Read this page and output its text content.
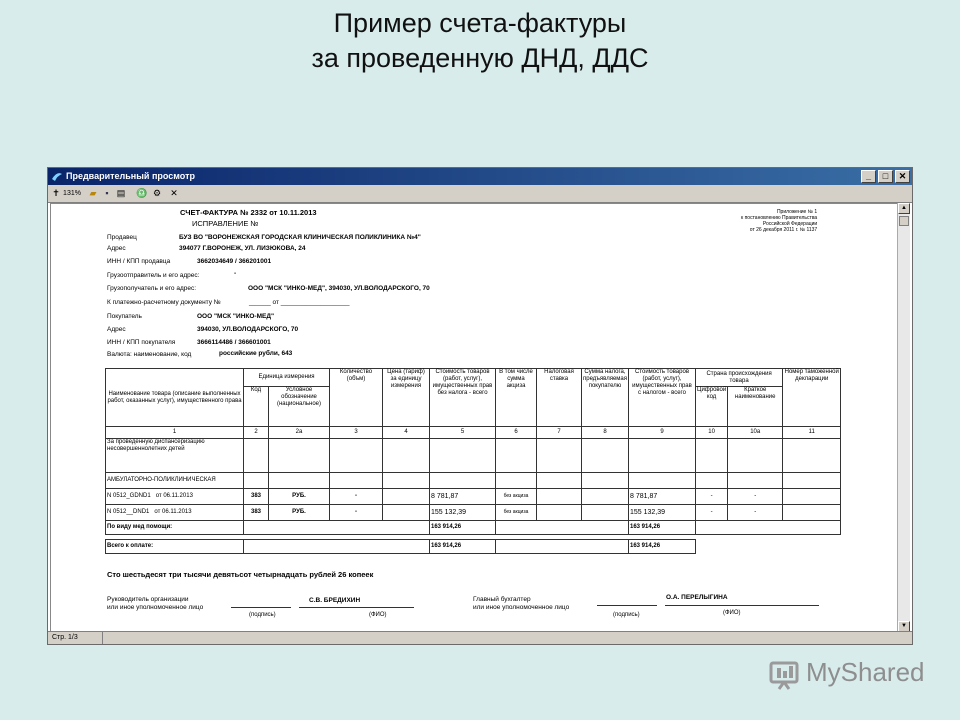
Пример счета-фактуры
за проведенную ДНД, ДДС
Предварительный просмотр	_	□	✕
✝ 131% ▰ ▪ ▤ ♎ ⚙ ✕
СЧЕТ-ФАКТУРА № 2332 от 10.11.2013
ИСПРАВЛЕНИЕ №
Приложение № 1
к постановлению Правительства
Российской Федерации
от 26 декабря 2011 г. № 1137
Продавец	БУЗ ВО "ВОРОНЕЖСКАЯ ГОРОДСКАЯ КЛИНИЧЕСКАЯ ПОЛИКЛИНИКА №4"
Адрес	394077 Г.ВОРОНЕЖ, УЛ. ЛИЗЮКОВА, 24
ИНН / КПП продавца	3662034649 / 366201001
Грузоотправитель и его адрес:	-
Грузополучатель и его адрес:	ООО "МСК "ИНКО-МЕД", 394030, УЛ.ВОЛОДАРСКОГО, 70
К платежно-расчетному документу №	______ от ___________________
Покупатель	ООО "МСК "ИНКО-МЕД"
Адрес	394030, УЛ.ВОЛОДАРСКОГО, 70
ИНН / КПП покупателя	3666114486 / 366601001
Валюта: наименование, код	российские рубли, 643
Наименование товара (описание выполненных работ, оказанных услуг), имущественного права	Единица измерения		Количество (объм)	Цена (тариф) за единицу измерения	Стоимость товаров (работ, услуг), имущественных прав без налога - всего	В том числе сумма акциза	Налоговая ставка	Сумма налога, предъявляемая покупателю	Стоимость товаров (работ, услуг), имущественных прав с налогом - всего	Страна происхождения товара		Номер таможенной декларации
	Код	Условное обозначение (национальное)								Цифровой код	Краткое наименование	
1	2	2а	3	4	5	6	7	8	9	10	10а	11
За проведенную диспансеризацию несовершеннолетних детей												
АМБУЛАТОРНО-ПОЛИКЛИНИЧЕСКАЯ												
N 0512_GDND1 от 06.11.2013	383	РУБ.	-		8 781,87	без акциза			8 781,87	-	-	
N 0512__DND1 от 06.11.2013	383	РУБ.	-		155 132,39	без акциза			155 132,39	-	-	
По виду мед помощи:					163 914,26				163 914,26			

Всего к оплате:					163 914,26				163 914,26			
Сто шестьдесят три тысячи девятьсот четырнадцать рублей 26 копеек
Руководитель организации
или иное уполномоченное лицо
С.В. БРЕДИХИН
(подпись)	(ФИО)
Главный бухгалтер
или иное уполномоченное лицо
О.А. ПЕРЕЛЫГИНА
(подпись)	(ФИО)
▲
▼
Стр. 1/3
MyShared
